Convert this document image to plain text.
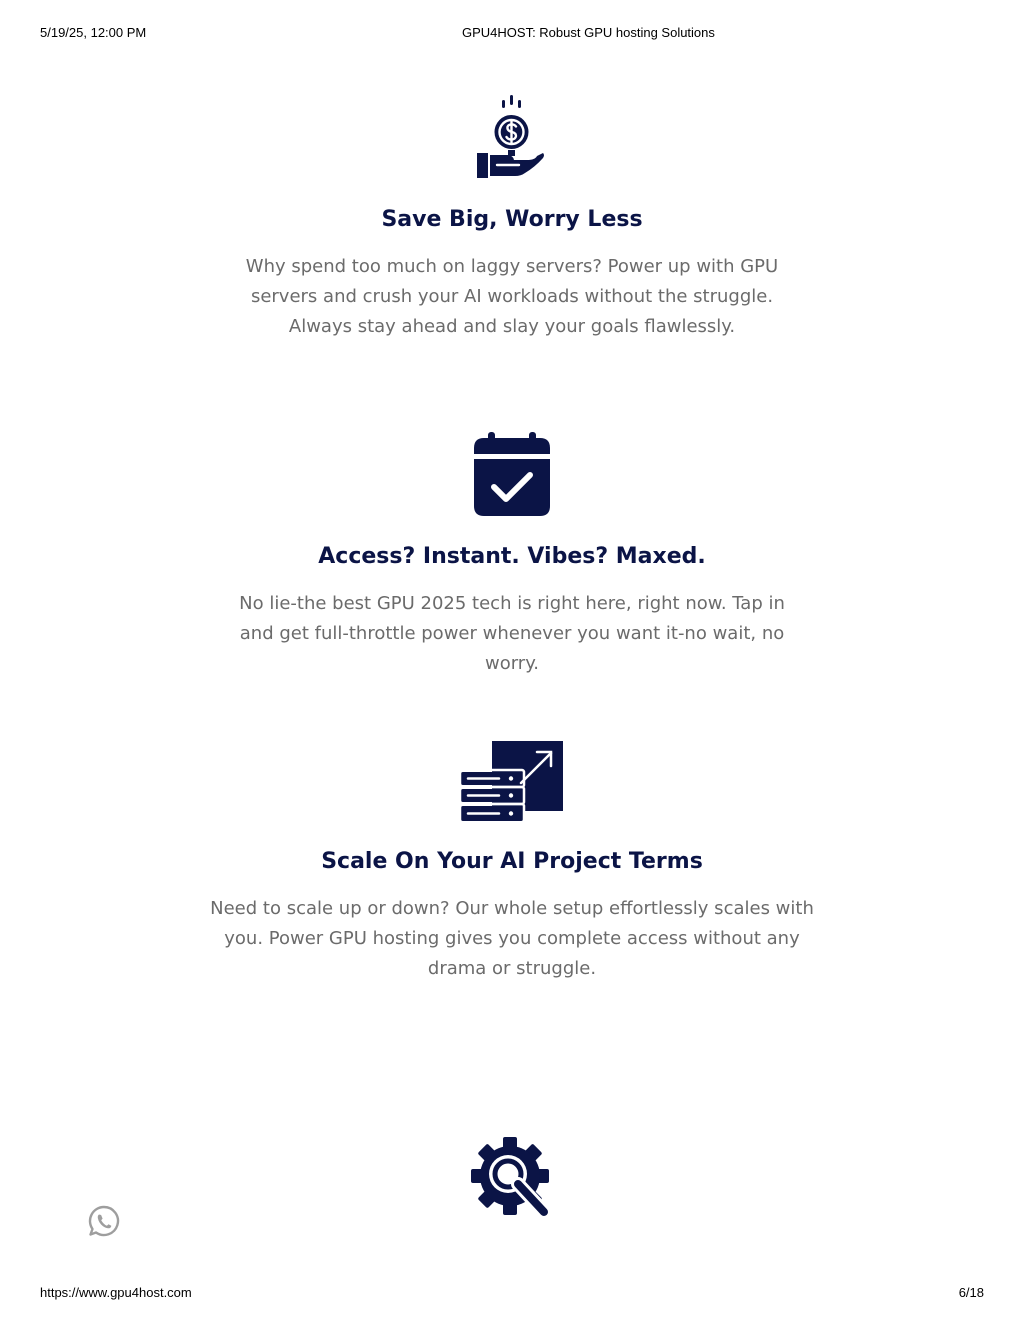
5/19/25, 12:00 PM	GPU4HOST: Robust GPU hosting Solutions
Save Big, Worry Less

Why spend too much on laggy servers? Power up with GPU servers and crush your AI workloads without the struggle. Always stay ahead and slay your goals flawlessly.

Access? Instant. Vibes? Maxed.

No lie-the best GPU 2025 tech is right here, right now. Tap in and get full-throttle power whenever you want it-no wait, no worry.

Scale On Your AI Project Terms

Need to scale up or down? Our whole setup effortlessly scales with you. Power GPU hosting gives you complete access without any drama or struggle.

https://www.gpu4host.com	6/18
